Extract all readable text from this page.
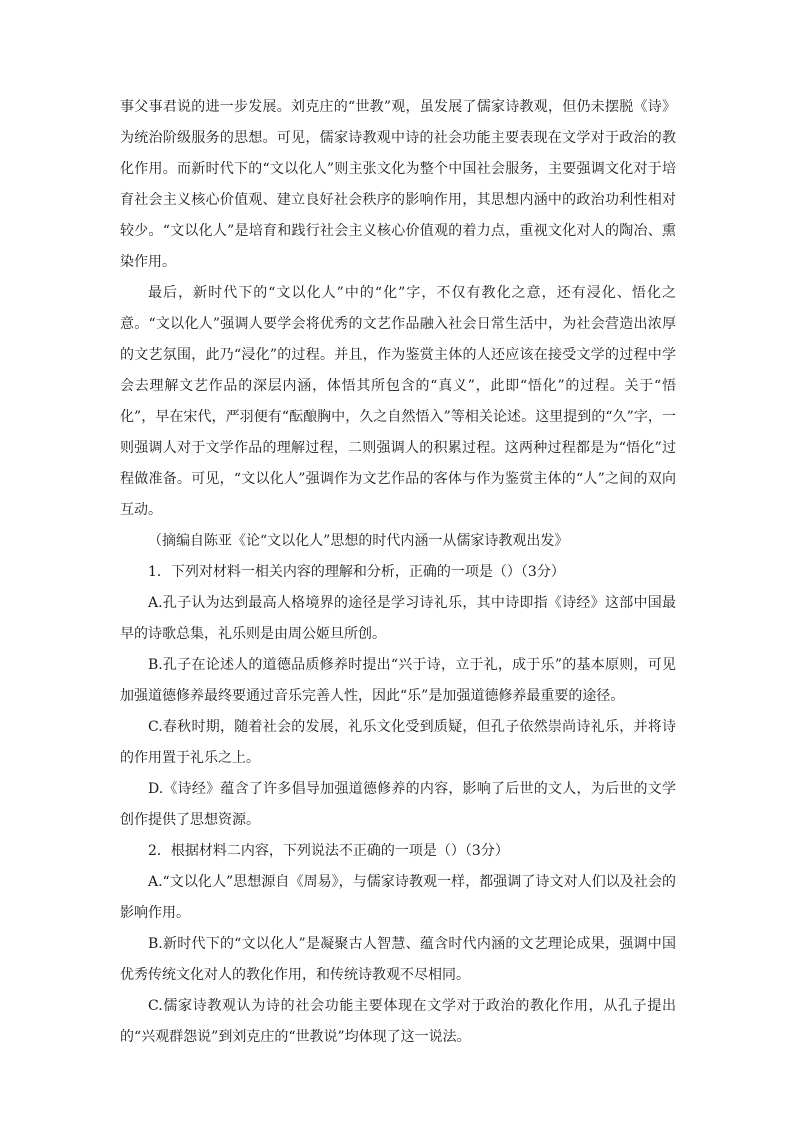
事父事君说的进一步发展。刘克庄的“世教”观，虽发展了儒家诗教观，但仍未摆脱《诗》为统治阶级服务的思想。可见，儒家诗教观中诗的社会功能主要表现在文学对于政治的教化作用。而新时代下的“文以化人”则主张文化为整个中国社会服务，主要强调文化对于培育社会主义核心价值观、建立良好社会秩序的影响作用，其思想内涵中的政治功利性相对较少。“文以化人”是培育和践行社会主义核心价值观的着力点，重视文化对人的陶冶、熏染作用。

最后，新时代下的“文以化人”中的“化”字，不仅有教化之意，还有浸化、悟化之意。“文以化人”强调人要学会将优秀的文艺作品融入社会日常生活中，为社会营造出浓厚的文艺氛围，此乃“浸化”的过程。并且，作为鉴赏主体的人还应该在接受文学的过程中学会去理解文艺作品的深层内涵，体悟其所包含的“真义”，此即“悟化”的过程。关于“悟化”，早在宋代，严羽便有“酝酿胸中，久之自然悟入”等相关论述。这里提到的“久”字，一则强调人对于文学作品的理解过程，二则强调人的积累过程。这两种过程都是为“悟化”过程做准备。可见，“文以化人”强调作为文艺作品的客体与作为鉴赏主体的“人”之间的双向互动。

（摘编自陈亚《论“文以化人”思想的时代内涵一从儒家诗教观出发》

1．下列对材料一相关内容的理解和分析，正确的一项是（）（3分）

A.孔子认为达到最高人格境界的途径是学习诗礼乐，其中诗即指《诗经》这部中国最早的诗歌总集，礼乐则是由周公姬旦所创。

B.孔子在论述人的道德品质修养时提出“兴于诗，立于礼，成于乐”的基本原则，可见加强道德修养最终要通过音乐完善人性，因此“乐”是加强道德修养最重要的途径。

C.春秋时期，随着社会的发展，礼乐文化受到质疑，但孔子依然崇尚诗礼乐，并将诗的作用置于礼乐之上。

D.《诗经》蕴含了许多倡导加强道德修养的内容，影响了后世的文人，为后世的文学创作提供了思想资源。

2．根据材料二内容，下列说法不正确的一项是（）（3分）

A.“文以化人”思想源自《周易》，与儒家诗教观一样，都强调了诗文对人们以及社会的影响作用。

B.新时代下的“文以化人”是凝聚古人智慧、蕴含时代内涵的文艺理论成果，强调中国优秀传统文化对人的教化作用，和传统诗教观不尽相同。

C.儒家诗教观认为诗的社会功能主要体现在文学对于政治的教化作用，从孔子提出的“兴观群怨说”到刘克庄的“世教说”均体现了这一说法。
